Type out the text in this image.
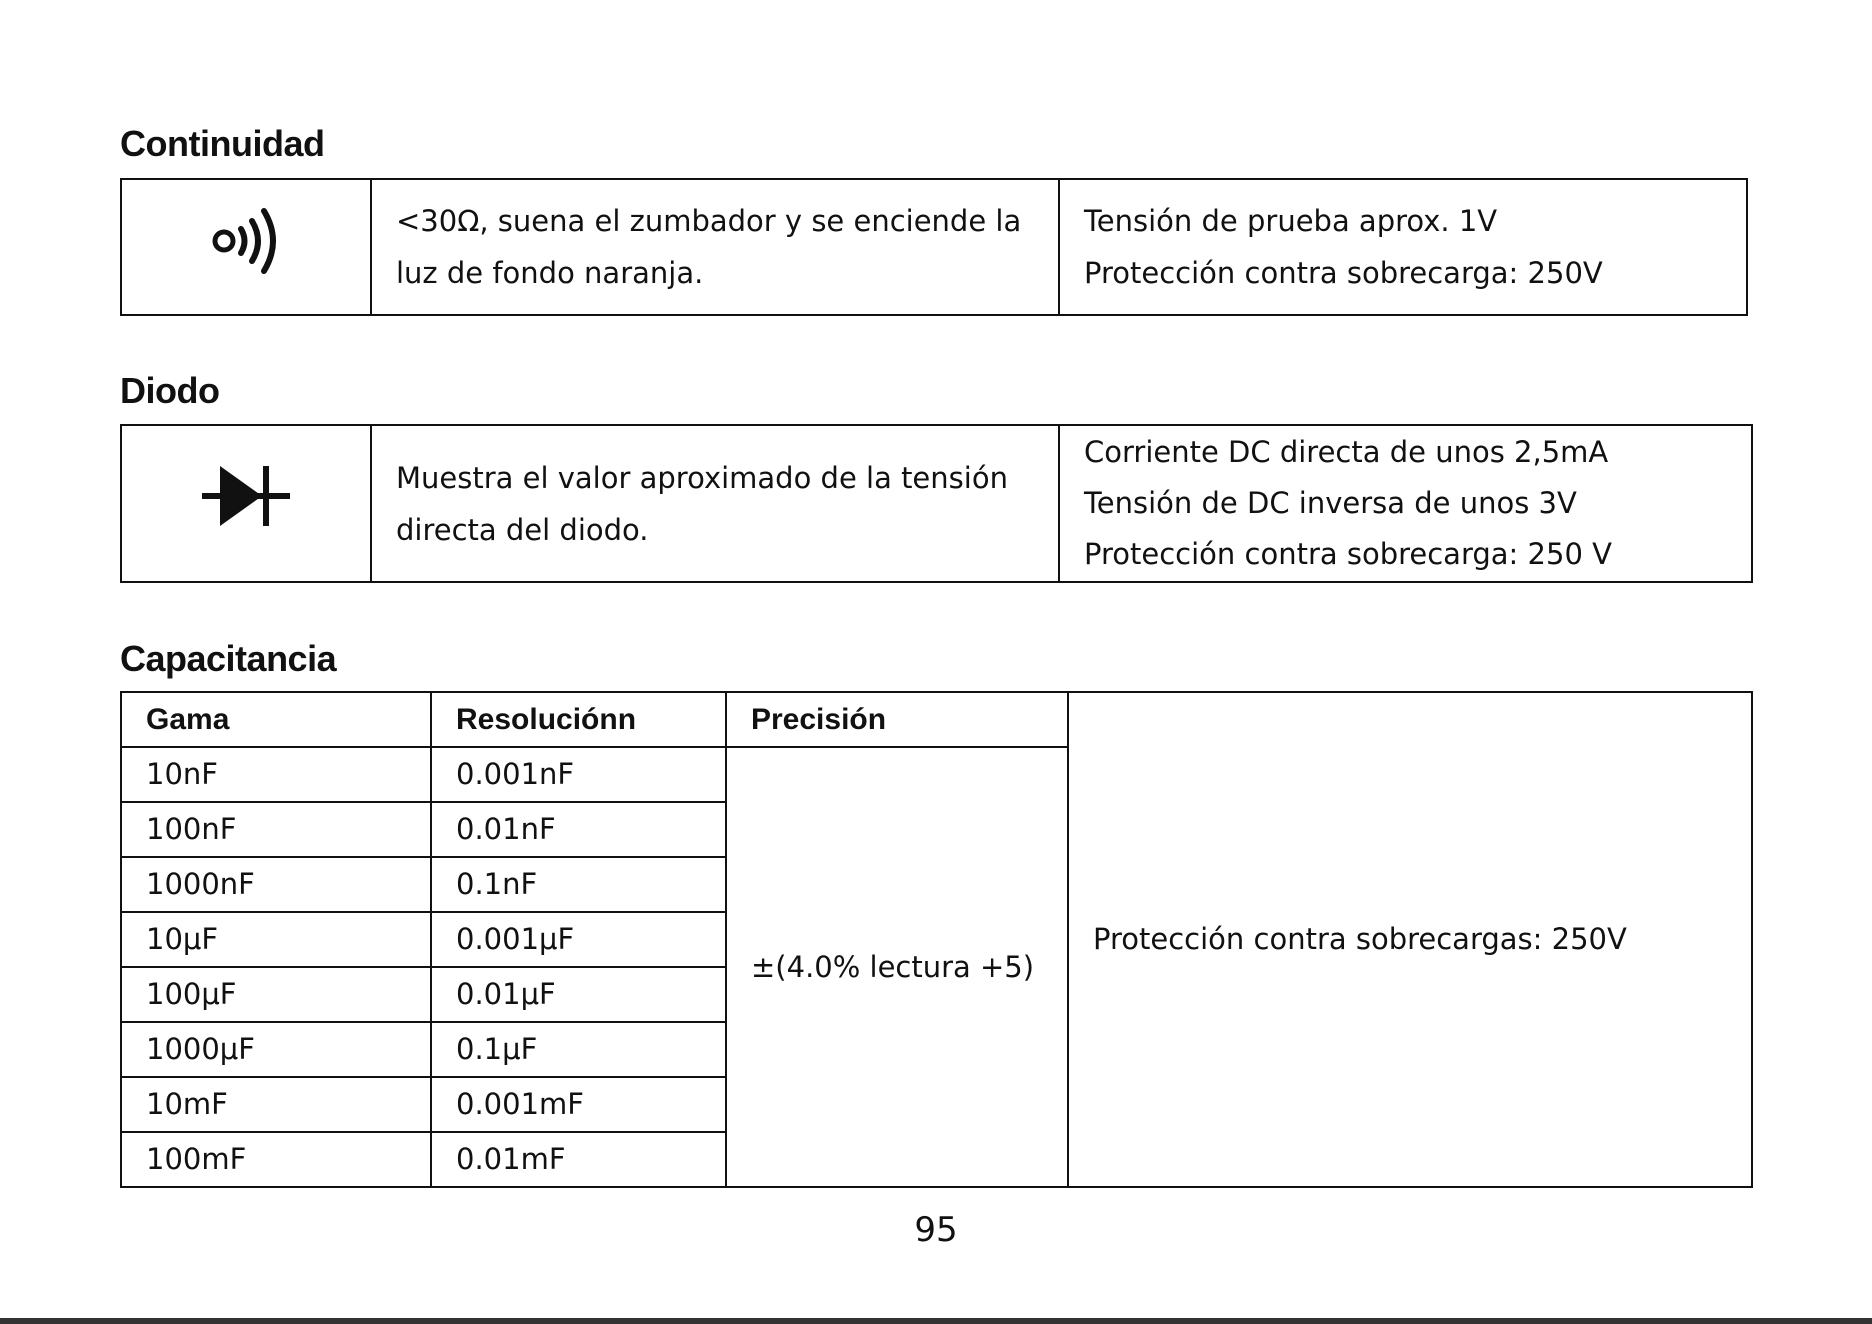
Continuidad

<30Ω, suena el zumbador y se enciende la
luz de fondo naranja.

Tensión de prueba aprox. 1V
Protección contra sobrecarga: 250V
Diodo

Muestra el valor aproximado de la tensión
directa del diodo.

Corriente DC directa de unos 2,5mA
Tensión de DC inversa de unos 3V
Protección contra sobrecarga: 250 V
Capacitancia
Gama	Resoluciónn	Precisión	Protección contra sobrecargas: 250V
10nF	0.001nF	±(4.0% lectura +5)	
100nF	0.01nF		
1000nF	0.1nF		
10μF	0.001μF		
100μF	0.01μF		
1000μF	0.1μF		
10mF	0.001mF		
100mF	0.01mF		
95
